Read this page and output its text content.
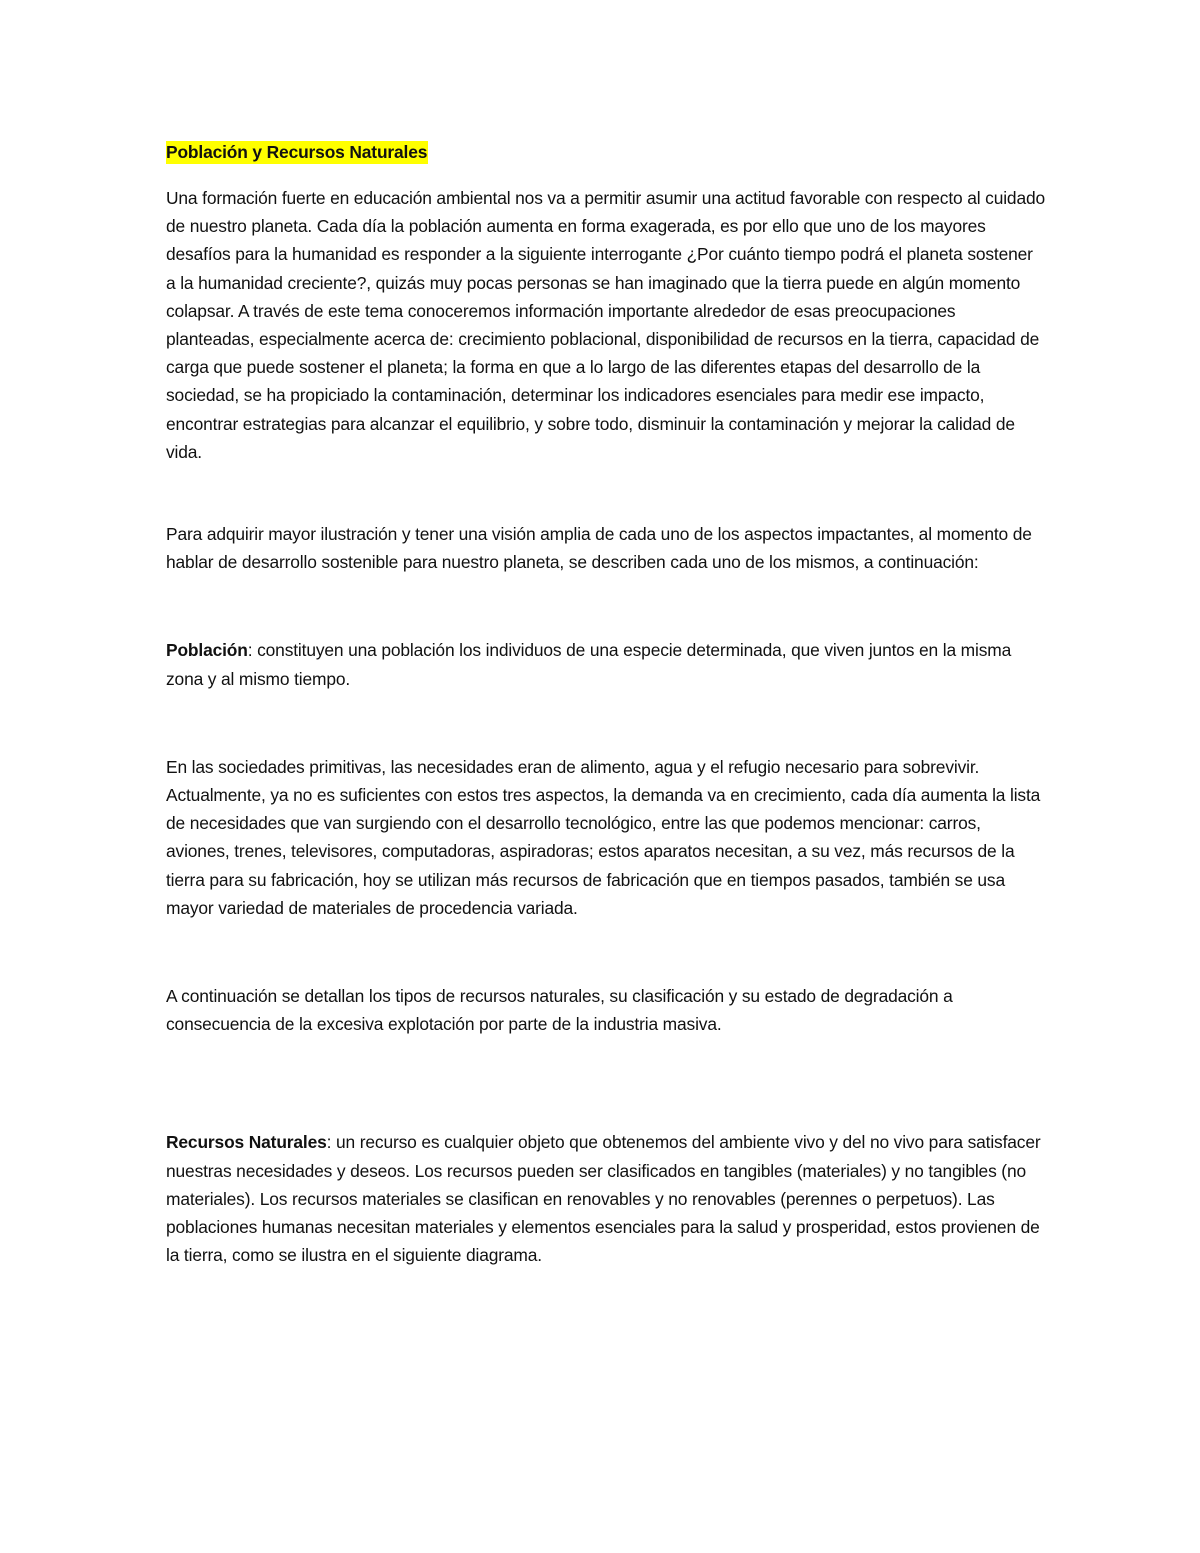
Población y Recursos Naturales

Una formación fuerte en educación ambiental nos va a permitir asumir una actitud favorable con respecto al cuidado de nuestro planeta. Cada día la población aumenta en forma exagerada, es por ello que uno de los mayores desafíos para la humanidad es responder a la siguiente interrogante ¿Por cuánto tiempo podrá el planeta sostener a la humanidad creciente?, quizás muy pocas personas se han imaginado que la tierra puede en algún momento colapsar. A través de este tema conoceremos información importante alrededor de esas preocupaciones planteadas, especialmente acerca de: crecimiento poblacional, disponibilidad de recursos en la tierra, capacidad de carga que puede sostener el planeta; la forma en que a lo largo de las diferentes etapas del desarrollo de la sociedad, se ha propiciado la contaminación, determinar los indicadores esenciales para medir ese impacto, encontrar estrategias para alcanzar el equilibrio, y sobre todo, disminuir la contaminación y mejorar la calidad de vida.

Para adquirir mayor ilustración y tener una visión amplia de cada uno de los aspectos impactantes, al momento de hablar de desarrollo sostenible para nuestro planeta, se describen cada uno de los mismos, a continuación:

Población: constituyen una población los individuos de una especie determinada, que viven juntos en la misma zona y al mismo tiempo.

En las sociedades primitivas, las necesidades eran de alimento, agua y el refugio necesario para sobrevivir. Actualmente, ya no es suficientes con estos tres aspectos, la demanda va en crecimiento, cada día aumenta la lista de necesidades que van surgiendo con el desarrollo tecnológico, entre las que podemos mencionar: carros, aviones, trenes, televisores, computadoras, aspiradoras; estos aparatos necesitan, a su vez, más recursos de la tierra para su fabricación, hoy se utilizan más recursos de fabricación que en tiempos pasados, también se usa mayor variedad de materiales de procedencia variada.

A continuación se detallan los tipos de recursos naturales, su clasificación y su estado de degradación a consecuencia de la excesiva explotación por parte de la industria masiva.

Recursos Naturales: un recurso es cualquier objeto que obtenemos del ambiente vivo y del no vivo para satisfacer nuestras necesidades y deseos. Los recursos pueden ser clasificados en tangibles (materiales) y no tangibles (no materiales). Los recursos materiales se clasifican en renovables y no renovables (perennes o perpetuos). Las poblaciones humanas necesitan materiales y elementos esenciales para la salud y prosperidad, estos provienen de la tierra, como se ilustra en el siguiente diagrama.
